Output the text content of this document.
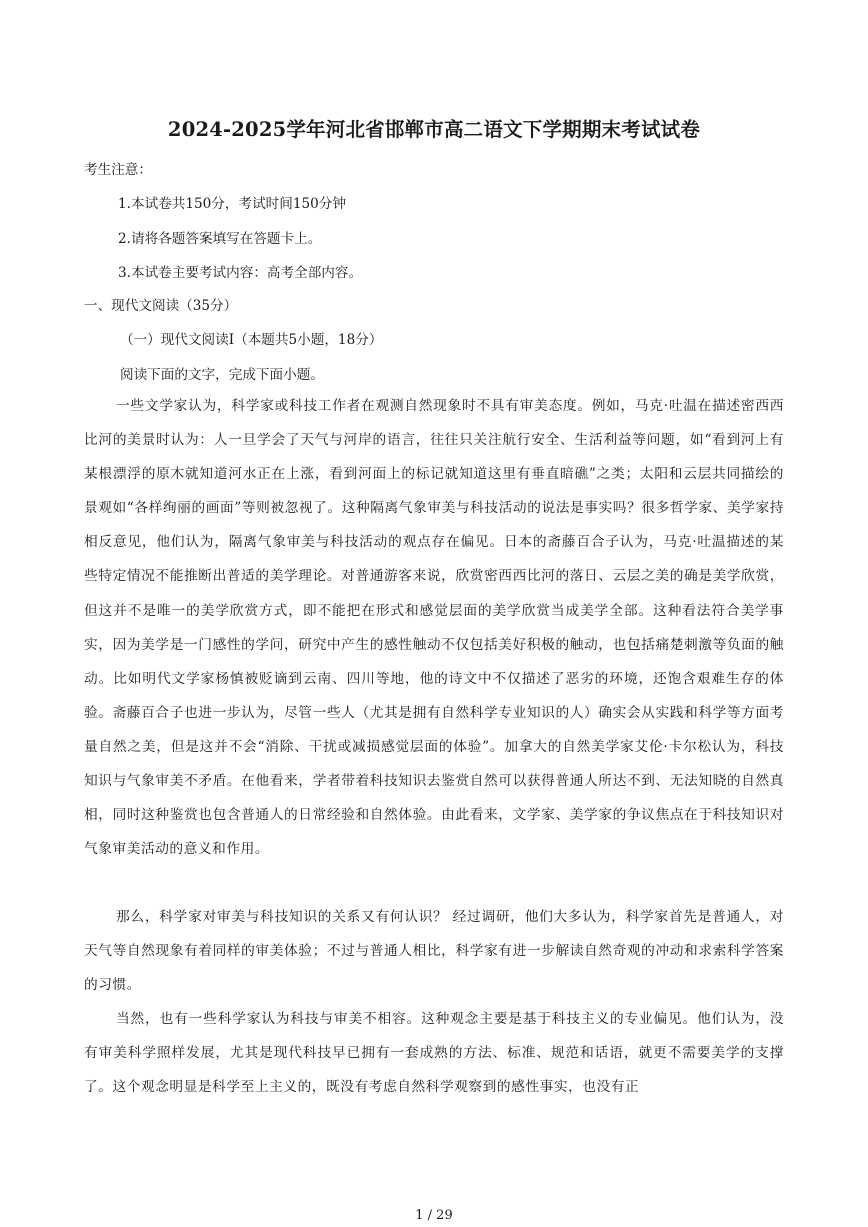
2024-2025学年河北省邯郸市高二语文下学期期末考试试卷
考生注意：
1.本试卷共150分，考试时间150分钟
2.请将各题答案填写在答题卡上。
3.本试卷主要考试内容：高考全部内容。
一、现代文阅读（35分）
（一）现代文阅读Ⅰ（本题共5小题，18分）
阅读下面的文字，完成下面小题。
一些文学家认为，科学家或科技工作者在观测自然现象时不具有审美态度。例如，马克·吐温在描述密西西比河的美景时认为：人一旦学会了天气与河岸的语言，往往只关注航行安全、生活利益等问题，如“看到河上有某根漂浮的原木就知道河水正在上涨，看到河面上的标记就知道这里有垂直暗礁”之类；太阳和云层共同描绘的景观如“各样绚丽的画面”等则被忽视了。这种隔离气象审美与科技活动的说法是事实吗？很多哲学家、美学家持相反意见，他们认为，隔离气象审美与科技活动的观点存在偏见。日本的斋藤百合子认为，马克·吐温描述的某些特定情况不能推断出普适的美学理论。对普通游客来说，欣赏密西西比河的落日、云层之美的确是美学欣赏，但这并不是唯一的美学欣赏方式，即不能把在形式和感觉层面的美学欣赏当成美学全部。这种看法符合美学事实，因为美学是一门感性的学问，研究中产生的感性触动不仅包括美好积极的触动，也包括痛楚刺激等负面的触动。比如明代文学家杨慎被贬谪到云南、四川等地，他的诗文中不仅描述了恶劣的环境，还饱含艰难生存的体验。斋藤百合子也进一步认为，尽管一些人（尤其是拥有自然科学专业知识的人）确实会从实践和科学等方面考量自然之美，但是这并不会“消除、干扰或减损感觉层面的体验”。加拿大的自然美学家艾伦·卡尔松认为，科技知识与气象审美不矛盾。在他看来，学者带着科技知识去鉴赏自然可以获得普通人所达不到、无法知晓的自然真相，同时这种鉴赏也包含普通人的日常经验和自然体验。由此看来，文学家、美学家的争议焦点在于科技知识对气象审美活动的意义和作用。
那么，科学家对审美与科技知识的关系又有何认识？ 经过调研，他们大多认为，科学家首先是普通人，对天气等自然现象有着同样的审美体验；不过与普通人相比，科学家有进一步解读自然奇观的冲动和求索科学答案的习惯。
当然，也有一些科学家认为科技与审美不相容。这种观念主要是基于科技主义的专业偏见。他们认为，没有审美科学照样发展，尤其是现代科技早已拥有一套成熟的方法、标准、规范和话语，就更不需要美学的支撑了。这个观念明显是科学至上主义的，既没有考虑自然科学观察到的感性事实，也没有正
1 / 29
